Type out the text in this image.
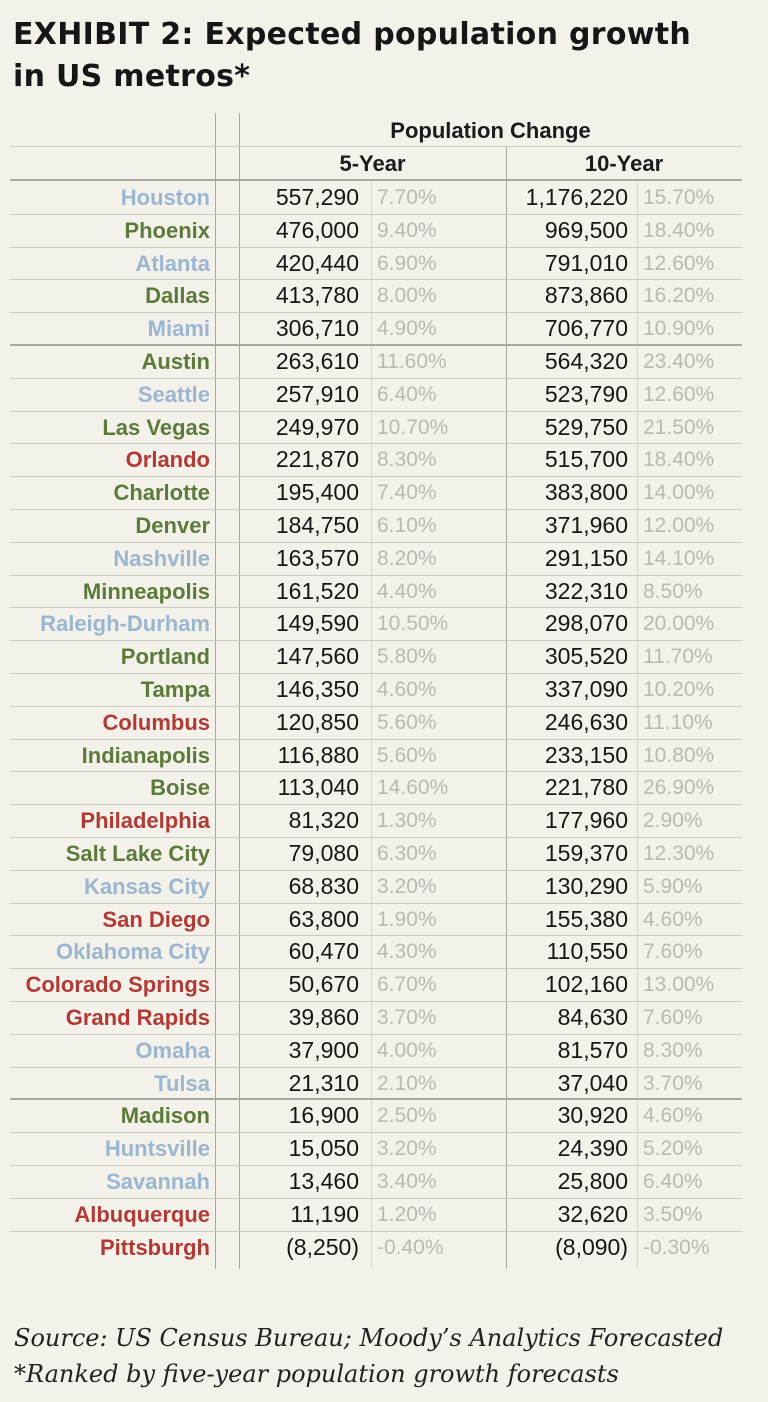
EXHIBIT 2: Expected population growth
in US metros*
Population Change
5-Year	10-Year
Houston	557,290 7.70%	1,176,220 15.70%
Phoenix	476,000 9.40%	969,500 18.40%
Atlanta	420,440 6.90%	791,010 12.60%
Dallas	413,780 8.00%	873,860 16.20%
Miami	306,710 4.90%	706,770 10.90%
Austin	263,610 11.60%	564,320 23.40%
Seattle	257,910 6.40%	523,790 12.60%
Las Vegas	249,970 10.70%	529,750 21.50%
Orlando	221,870 8.30%	515,700 18.40%
Charlotte	195,400 7.40%	383,800 14.00%
Denver	184,750 6.10%	371,960 12.00%
Nashville	163,570 8.20%	291,150 14.10%
Minneapolis	161,520 4.40%	322,310 8.50%
Raleigh-Durham	149,590 10.50%	298,070 20.00%
Portland	147,560 5.80%	305,520 11.70%
Tampa	146,350 4.60%	337,090 10.20%
Columbus	120,850 5.60%	246,630 11.10%
Indianapolis	116,880 5.60%	233,150 10.80%
Boise	113,040 14.60%	221,780 26.90%
Philadelphia	81,320 1.30%	177,960 2.90%
Salt Lake City	79,080 6.30%	159,370 12.30%
Kansas City	68,830 3.20%	130,290 5.90%
San Diego	63,800 1.90%	155,380 4.60%
Oklahoma City	60,470 4.30%	110,550 7.60%
Colorado Springs	50,670 6.70%	102,160 13.00%
Grand Rapids	39,860 3.70%	84,630 7.60%
Omaha	37,900 4.00%	81,570 8.30%
Tulsa	21,310 2.10%	37,040 3.70%
Madison	16,900 2.50%	30,920 4.60%
Huntsville	15,050 3.20%	24,390 5.20%
Savannah	13,460 3.40%	25,800 6.40%
Albuquerque	11,190 1.20%	32,620 3.50%
Pittsburgh	(8,250) -0.40%	(8,090) -0.30%
Source: US Census Bureau; Moody’s Analytics Forecasted
*Ranked by five-year population growth forecasts
